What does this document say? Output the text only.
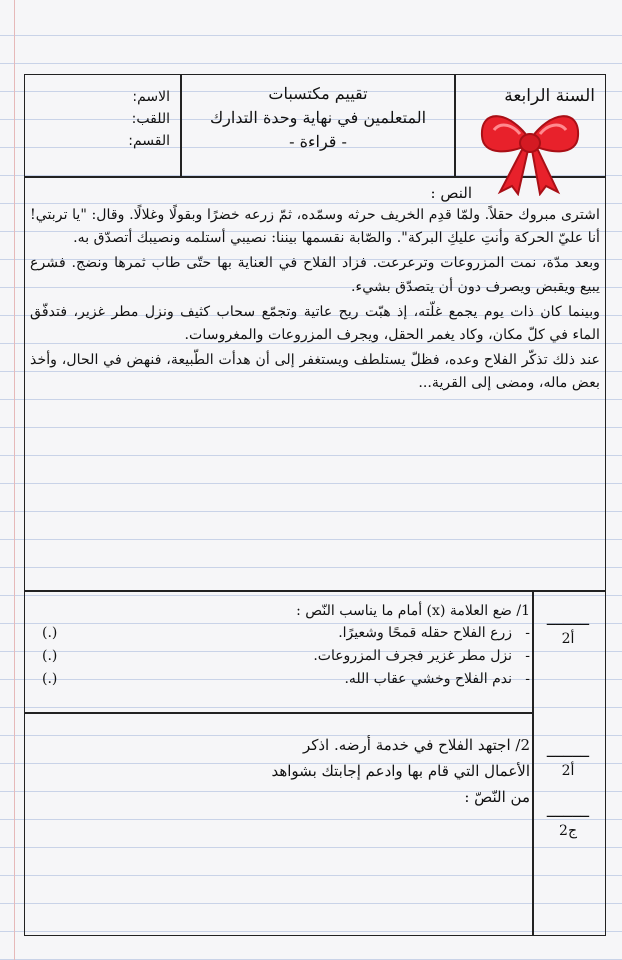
السنة الرابعة
تقييم مكتسبات
المتعلمين في نهاية وحدة التدارك
- قراءة -
الاسم:
اللقب:
القسم:
النص :

اشترى مبروك حقلاً. ولمّا قدِم الخريف حرثه وسمّده، ثمّ زرعه خضرًا وبقولًا وغلالًا. وقال: "يا تربتي! أنا عليّ الحركة وأنتِ عليكِ البركة". والصّابة نقسمها بيننا: نصيبي أستلمه ونصيبك أتصدّق به.

وبعد مدّة، نمت المزروعات وترعرعت. فزاد الفلاح في العناية بها حتّى طاب ثمرها ونضج. فشرع يبيع ويقبض ويصرف دون أن يتصدّق بشيء.

وبينما كان ذات يوم يجمع غلّته، إذ هبّت ريح عاتية وتجمّع سحاب كثيف ونزل مطر غزير، فتدفّق الماء في كلّ مكان، وكاد يغمر الحقل، ويجرف المزروعات والمغروسات.

عند ذلك تذكّر الفلاح وعده، فظلّ يستلطف ويستغفر إلى أن هدأت الطّبيعة، فنهض في الحال، وأخذ بعض ماله، ومضى إلى القرية...

1/ ضع العلامة (x) أمام ما يناسب النّص :
-
زرع الفلاح حقله قمحًا وشعيرًا.
(.)
-
نزل مطر غزير فجرف المزروعات.
(.)
-
ندم الفلاح وخشي عقاب الله.
(.)
ـــــ
أ2
2/ اجتهد الفلاح في خدمة أرضه. اذكر
الأعمال التي قام بها وادعم إجابتك بشواهد
من النّصّ :
ـــــ
أ2
ـــــ
ج2
